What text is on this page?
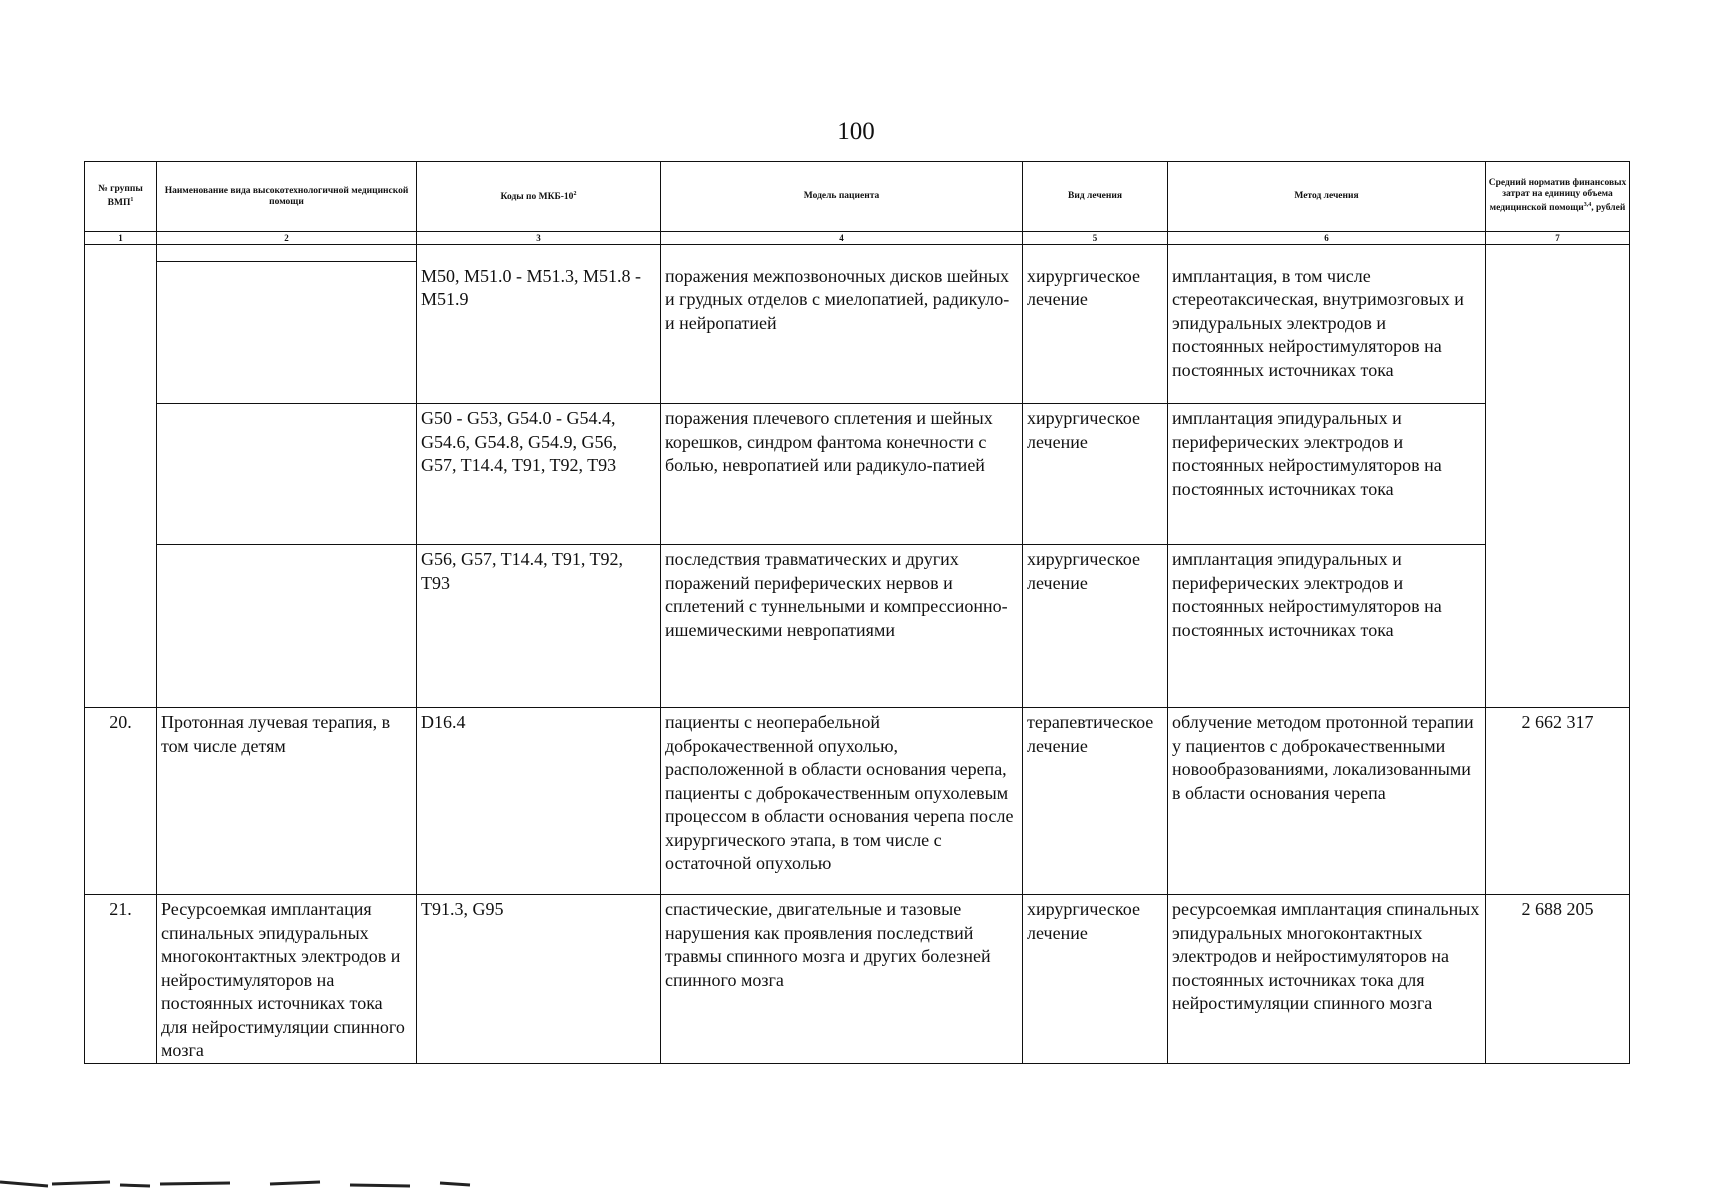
100
№ группы ВМП$^1$	Наименование вида высокотехнологичной медицинской помощи	Коды по МКБ-$10^2$	Модель пациента	Вид лечения	Метод лечения	Средний норматив финансовых затрат на единицу объема медицинской помощи$^{3,4}$, рублей
1	2	3	4	5	6	7

		M50, M51.0 - M51.3, M51.8 - M51.9	поражения межпозвоночных дисков шейных и грудных отделов с миелопатией, радикуло- и нейропатией	хирургическое лечение	имплантация, в том числе стереотаксическая, внутримозговых и эпидуральных электродов и постоянных нейростимуляторов на постоянных источниках тока	
		G50 - G53, G54.0 - G54.4, G54.6, G54.8, G54.9, G56, G57, T14.4, T91, T92, T93	поражения плечевого сплетения и шейных корешков, синдром фантома конечности с болью, невропатией или радикуло-патией	хирургическое лечение	имплантация эпидуральных и периферических электродов и постоянных нейростимуляторов на постоянных источниках тока	
		G56, G57, T14.4, T91, T92, T93	последствия травматических и других поражений периферических нервов и сплетений с туннельными и компрессионно-ишемическими невропатиями	хирургическое лечение	имплантация эпидуральных и периферических электродов и постоянных нейростимуляторов на постоянных источниках тока	
20.	Протонная лучевая терапия, в том числе детям	D16.4	пациенты с неоперабельной доброкачественной опухолью, расположенной в области основания черепа, пациенты с доброкачественным опухолевым процессом в области основания черепа после хирургического этапа, в том числе с остаточной опухолью	терапевтическое лечение	облучение методом протонной терапии у пациентов с доброкачественными новообразованиями, локализованными в области основания черепа	2 662 317
21.	Ресурсоемкая имплантация спинальных эпидуральных многоконтактных электродов и нейростимуляторов на постоянных источниках тока для нейростимуляции спинного мозга	T91.3, G95	спастические, двигательные и тазовые нарушения как проявления последствий травмы спинного мозга и других болезней спинного мозга	хирургическое лечение	ресурсоемкая имплантация спинальных эпидуральных многоконтактных электродов и нейростимуляторов на постоянных источниках тока для нейростимуляции спинного мозга	2 688 205
